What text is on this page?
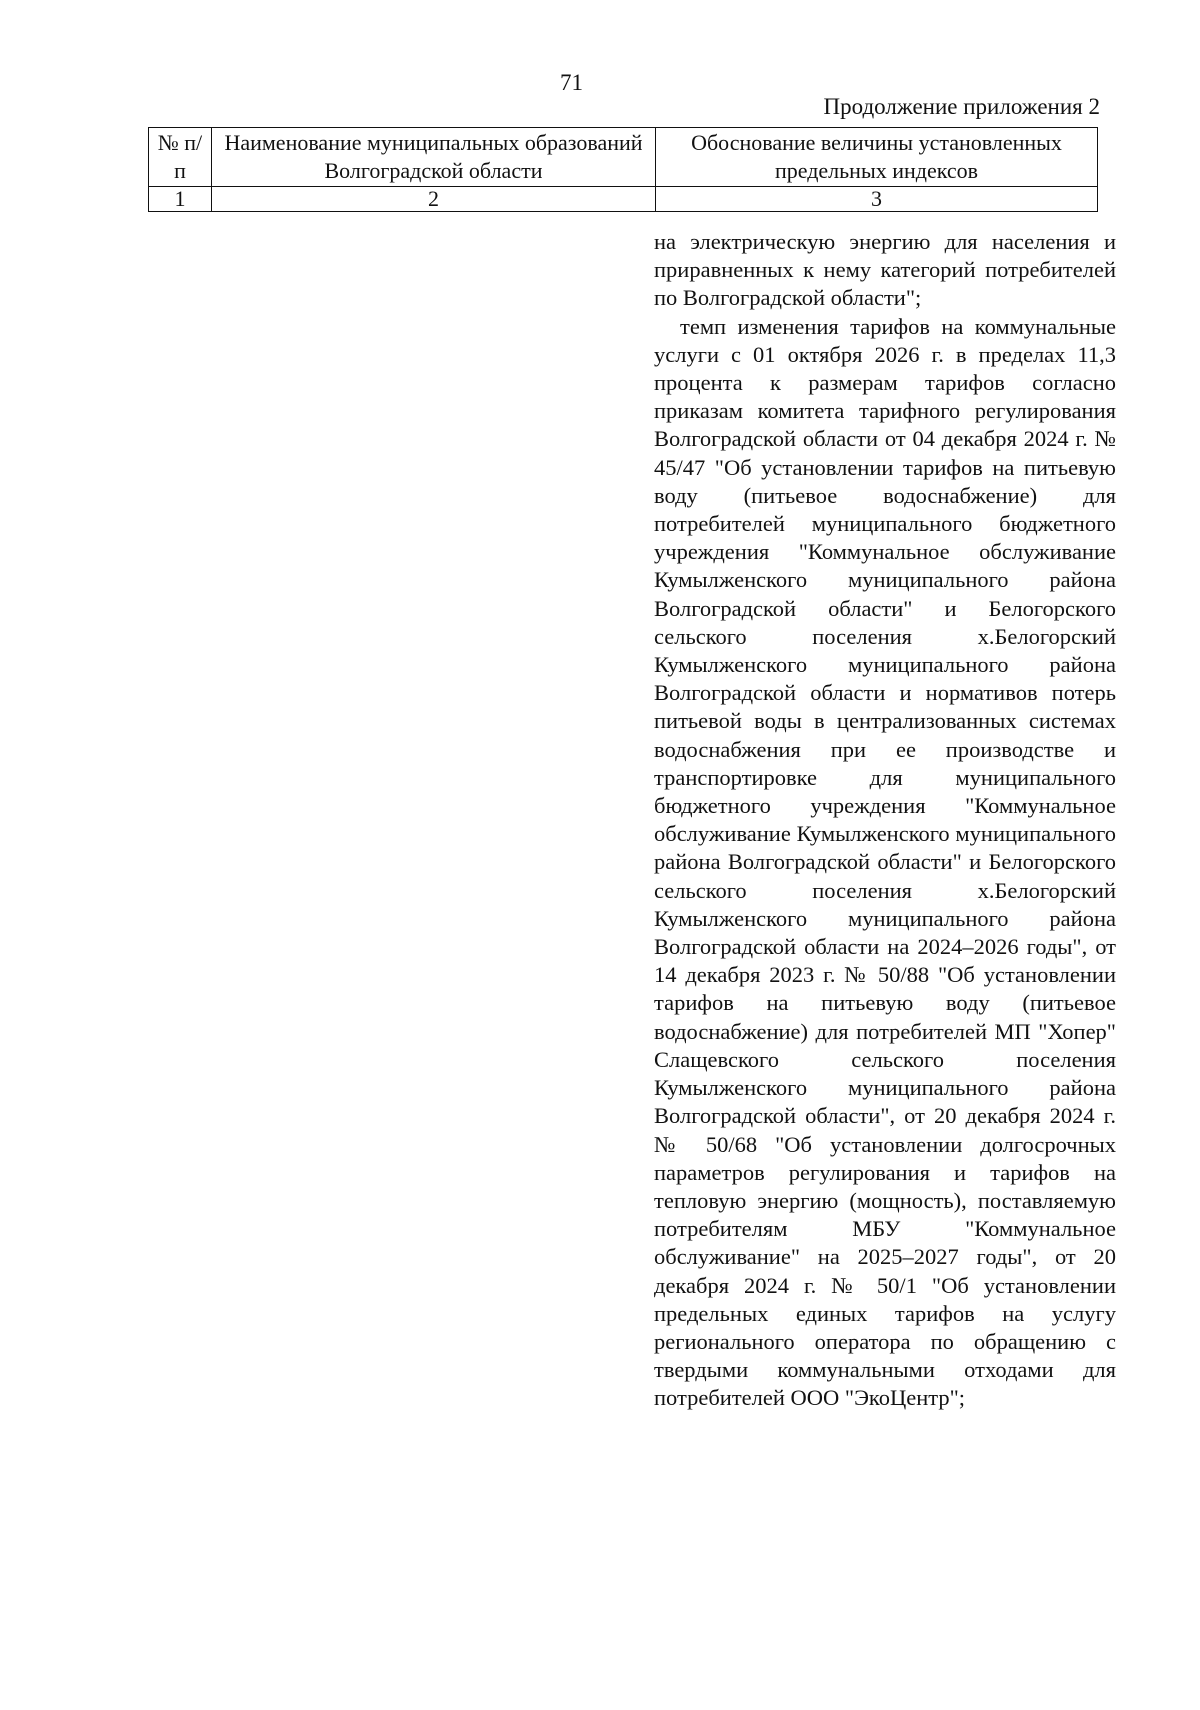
71
Продолжение приложения 2
№ п/п	Наименование муниципальных образований Волгоградской области	Обоснование величины установленных предельных индексов
1	2	3

на электрическую энергию для населения и приравненных к нему категорий потребителей по Волгоградской области";

темп изменения тарифов на коммунальные услуги с 01 октября 2026 г. в пределах 11,3 процента к размерам тарифов согласно приказам комитета тарифного регулирования Волгоградской области от 04 декабря 2024 г. № 45/47 "Об установлении тарифов на питьевую воду (питьевое водоснабжение) для потребителей муниципального бюджетного учреждения "Коммунальное обслуживание Кумылженского муниципального района Волгоградской области" и Белогорского сельского поселения х.Белогорский Кумылженского муниципального района Волгоградской области и нормативов потерь питьевой воды в централизованных системах водоснабжения при ее производстве и транспортировке для муниципального бюджетного учреждения "Коммунальное обслуживание Кумылженского муниципального района Волгоградской области" и Белогорского сельского поселения х.Белогорский Кумылженского муниципального района Волгоградской области на 2024–2026 годы", от 14 декабря 2023 г. № 50/88 "Об установлении тарифов на питьевую воду (питьевое водоснабжение) для потребителей МП "Хопер" Слащевского сельского поселения Кумылженского муниципального района Волгоградской области", от 20 декабря 2024 г. № 50/68 "Об установлении долгосрочных параметров регулирования и тарифов на тепловую энергию (мощность), поставляемую потребителям МБУ "Коммунальное обслуживание" на 2025–2027 годы", от 20 декабря 2024 г. № 50/1 "Об установлении предельных единых тарифов на услугу регионального оператора по обращению с твердыми коммунальными отходами для потребителей ООО "ЭкоЦентр";
